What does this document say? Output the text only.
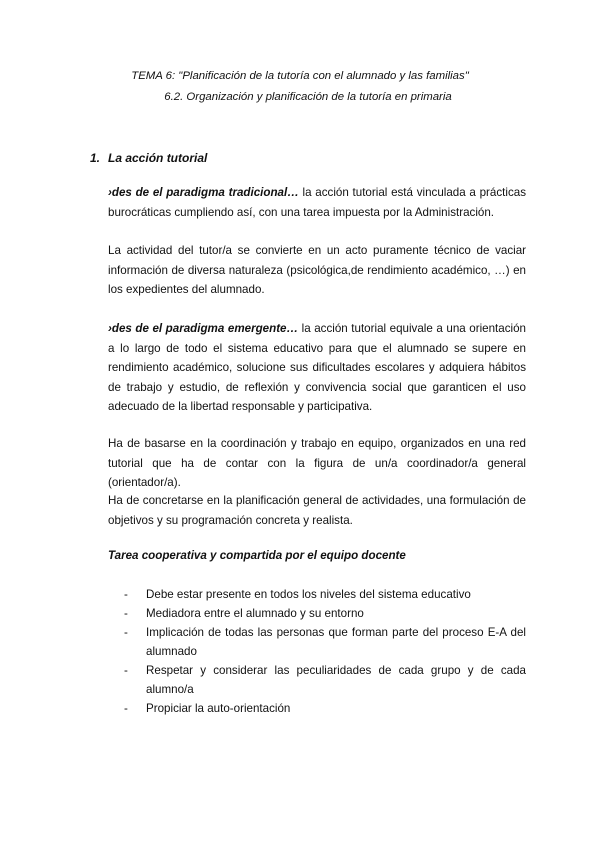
TEMA 6: "Planificación de la tutoría con el alumnado y las familias"
6.2. Organización y planificación de la tutoría en primaria
1. La acción tutorial

›des de el paradigma tradicional… la acción tutorial está vinculada a prácticas burocráticas cumpliendo así, con una tarea impuesta por la Administración.

La actividad del tutor/a se convierte en un acto puramente técnico de vaciar información de diversa naturaleza (psicológica,de rendimiento académico, …) en los expedientes del alumnado.

›des de el paradigma emergente… la acción tutorial equivale a una orientación a lo largo de todo el sistema educativo para que el alumnado se supere en rendimiento académico, solucione sus dificultades escolares y adquiera hábitos de trabajo y estudio, de reflexión y convivencia social que garanticen el uso adecuado de la libertad responsable y participativa.

Ha de basarse en la coordinación y trabajo en equipo, organizados en una red tutorial que ha de contar con la figura de un/a coordinador/a general (orientador/a).

Ha de concretarse en la planificación general de actividades, una formulación de objetivos y su programación concreta y realista.

Tarea cooperativa y compartida por el equipo docente
- Debe estar presente en todos los niveles del sistema educativo
- Mediadora entre el alumnado y su entorno
- Implicación de todas las personas que forman parte del proceso E-A del alumnado
- Respetar y considerar las peculiaridades de cada grupo y de cada alumno/a
- Propiciar la auto-orientación
